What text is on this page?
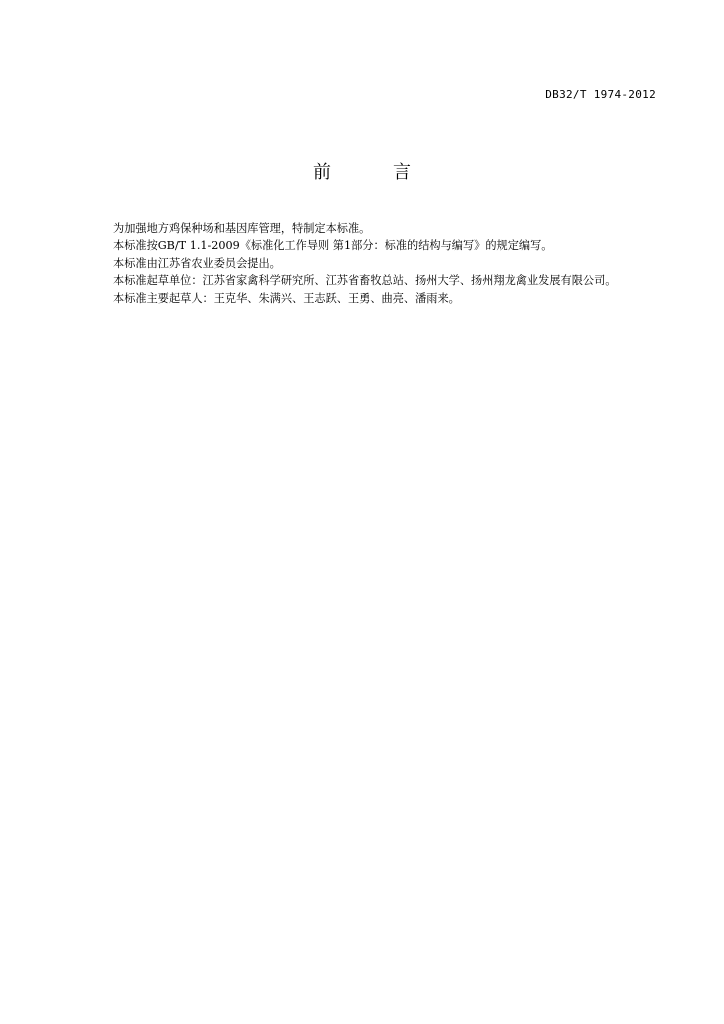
DB32/T 1974-2012
前　言

为加强地方鸡保种场和基因库管理，特制定本标准。

本标准按GB/T 1.1-2009《标准化工作导则 第1部分：标准的结构与编写》的规定编写。

本标准由江苏省农业委员会提出。

本标准起草单位：江苏省家禽科学研究所、江苏省畜牧总站、扬州大学、扬州翔龙禽业发展有限公司。

本标准主要起草人：王克华、朱满兴、王志跃、王勇、曲亮、潘雨来。
